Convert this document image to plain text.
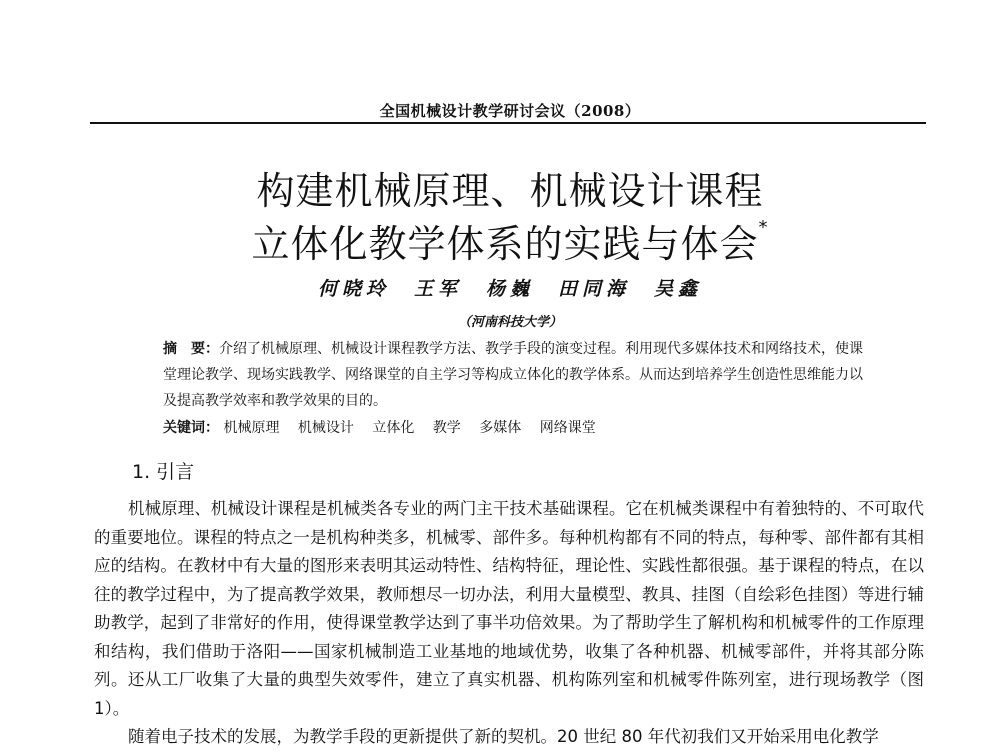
全国机械设计教学研讨会议（2008）
构建机械原理、机械设计课程
立体化教学体系的实践与体会*
何晓玲　王军　杨巍　田同海　吴鑫
（河南科技大学）
摘　要：介绍了机械原理、机械设计课程教学方法、教学手段的演变过程。利用现代多媒体技术和网络技术，使课堂理论教学、现场实践教学、网络课堂的自主学习等构成立体化的教学体系。从而达到培养学生创造性思维能力以及提高教学效率和教学效果的目的。
关键词： 机械原理 机械设计 立体化 教学 多媒体 网络课堂
1. 引言

机械原理、机械设计课程是机械类各专业的两门主干技术基础课程。它在机械类课程中有着独特的、不可取代的重要地位。课程的特点之一是机构种类多，机械零、部件多。每种机构都有不同的特点，每种零、部件都有其相应的结构。在教材中有大量的图形来表明其运动特性、结构特征，理论性、实践性都很强。基于课程的特点，在以往的教学过程中，为了提高教学效果，教师想尽一切办法，利用大量模型、教具、挂图（自绘彩色挂图）等进行辅助教学，起到了非常好的作用，使得课堂教学达到了事半功倍效果。为了帮助学生了解机构和机械零件的工作原理和结构，我们借助于洛阳——国家机械制造工业基地的地域优势，收集了各种机器、机械零部件，并将其部分陈列。还从工厂收集了大量的典型失效零件，建立了真实机器、机构陈列室和机械零件陈列室，进行现场教学（图 1）。

随着电子技术的发展，为教学手段的更新提供了新的契机。20 世纪 80 年代初我们又开始采用电化教学
